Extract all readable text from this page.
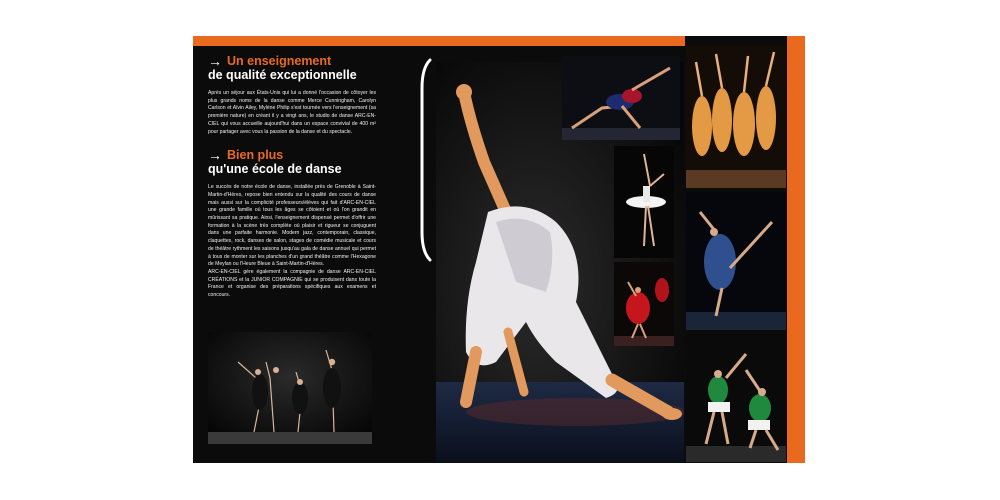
→ Un enseignement
de qualité exceptionnelle

Après un séjour aux États-Unis qui lui a donné l'occasion de côtoyer les plus grands noms de la danse comme Merce Cunningham, Carolyn Carlson et Alvin Ailey, Mylène Philip s'est tournée vers l'enseignement (sa première nature) en créant il y a vingt ans, le studio de danse ARC-EN-CIEL qui vous accueille aujourd'hui dans un espace convivial de 400 m² pour partager avec vous la passion de la danse et du spectacle.

→ Bien plus
qu'une école de danse

Le succès de notre école de danse, installée près de Grenoble à Saint-Martin-d'Hères, repose bien entendu sur la qualité des cours de danse mais aussi sur la complicité professeurs/élèves qui fait d'ARC-EN-CIEL une grande famille où tous les âges se côtoient et où l'on grandit en mûrissant sa pratique. Ainsi, l'enseignement dispensé permet d'offrir une formation à la scène très complète où plaisir et rigueur se conjuguent dans une parfaite harmonie. Modern jazz, contemporain, classique, claquettes, rock, danses de salon, stages de comédie musicale et cours de théâtre rythment les saisons jusqu'au gala de danse annuel qui permet à tous de monter sur les planches d'un grand théâtre comme l'Hexagone de Meylan ou l'Heure Bleue à Saint-Martin-d'Hères.

ARC-EN-CIEL gère également la compagnie de danse ARC-EN-CIEL CRÉATIONS et la JUNIOR COMPAGNIE qui se produisent dans toute la France et organise des préparations spécifiques aux examens et concours.
